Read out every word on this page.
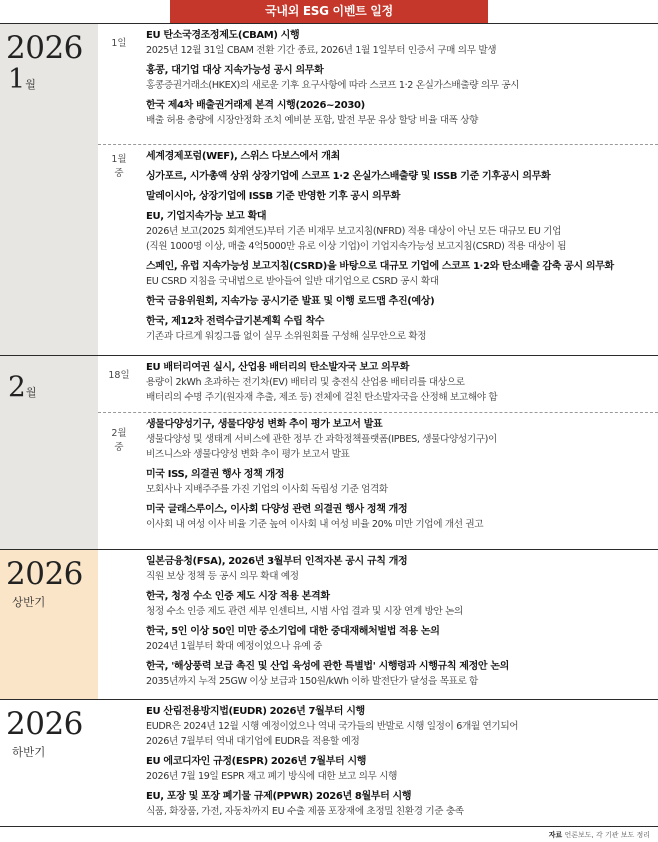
국내외 ESG 이벤트 일정
2026
1월
1일
EU 탄소국경조정제도(CBAM) 시행
2025년 12월 31일 CBAM 전환 기간 종료, 2026년 1월 1일부터 인증서 구매 의무 발생
홍콩, 대기업 대상 지속가능성 공시 의무화
홍콩증권거래소(HKEX)의 새로운 기후 요구사항에 따라 스코프 1·2 온실가스배출량 의무 공시
한국 제4차 배출권거래제 본격 시행(2026~2030)
배출 허용 총량에 시장안정화 조치 예비분 포함, 발전 부문 유상 할당 비율 대폭 상향
1월 중
세계경제포럼(WEF), 스위스 다보스에서 개최
싱가포르, 시가총액 상위 상장기업에 스코프 1·2 온실가스배출량 및 ISSB 기준 기후공시 의무화
말레이시아, 상장기업에 ISSB 기준 반영한 기후 공시 의무화
EU, 기업지속가능 보고 확대
2026년 보고(2025 회계연도)부터 기존 비재무 보고지침(NFRD) 적용 대상이 아닌 모든 대규모 EU 기업
(직원 1000명 이상, 매출 4억5000만 유로 이상 기업)이 기업지속가능성 보고지침(CSRD) 적용 대상이 됨
스페인, 유럽 지속가능성 보고지침(CSRD)을 바탕으로 대규모 기업에 스코프 1·2와 탄소배출 감축 공시 의무화
EU CSRD 지침을 국내법으로 받아들여 일반 대기업으로 CSRD 공시 확대
한국 금융위원회, 지속가능 공시기준 발표 및 이행 로드맵 추진(예상)
한국, 제12차 전력수급기본계획 수립 착수
기존과 다르게 워킹그룹 없이 실무 소위원회를 구성해 실무안으로 확정
2월
18일
EU 배터리여권 실시, 산업용 배터리의 탄소발자국 보고 의무화
용량이 2kWh 초과하는 전기차(EV) 배터리 및 충전식 산업용 배터리를 대상으로
배터리의 수명 주기(원자재 추출, 제조 등) 전체에 걸친 탄소발자국을 산정해 보고해야 함
2월 중
생물다양성기구, 생물다양성 변화 추이 평가 보고서 발표
생물다양성 및 생태계 서비스에 관한 정부 간 과학정책플랫폼(IPBES, 생물다양성기구)이
비즈니스와 생물다양성 변화 추이 평가 보고서 발표
미국 ISS, 의결권 행사 정책 개정
모회사나 지배주주를 가진 기업의 이사회 독립성 기준 엄격화
미국 글래스루이스, 이사회 다양성 관련 의결권 행사 정책 개정
이사회 내 여성 이사 비율 기준 높여 이사회 내 여성 비율 20% 미만 기업에 개선 권고
2026
상반기
일본금융청(FSA), 2026년 3월부터 인적자본 공시 규칙 개정
직원 보상 정책 등 공시 의무 확대 예정
한국, 청정 수소 인증 제도 시장 적용 본격화
청정 수소 인증 제도 관련 세부 인센티브, 시범 사업 결과 및 시장 연계 방안 논의
한국, 5인 이상 50인 미만 중소기업에 대한 중대재해처벌법 적용 논의
2024년 1월부터 확대 예정이었으나 유예 중
한국, '해상풍력 보급 촉진 및 산업 육성에 관한 특별법' 시행령과 시행규칙 제정안 논의
2035년까지 누적 25GW 이상 보급과 150원/kWh 이하 발전단가 달성을 목표로 함
2026
하반기
EU 산림전용방지법(EUDR) 2026년 7월부터 시행
EUDR은 2024년 12월 시행 예정이었으나 역내 국가들의 반발로 시행 일정이 6개월 연기되어
2026년 7월부터 역내 대기업에 EUDR을 적용할 예정
EU 에코디자인 규정(ESPR) 2026년 7월부터 시행
2026년 7월 19일 ESPR 재고 폐기 방식에 대한 보고 의무 시행
EU, 포장 및 포장 폐기물 규제(PPWR) 2026년 8월부터 시행
식품, 화장품, 가전, 자동차까지 EU 수출 제품 포장재에 초정밀 친환경 기준 충족
자료 언론보도, 각 기관 보도 정리
